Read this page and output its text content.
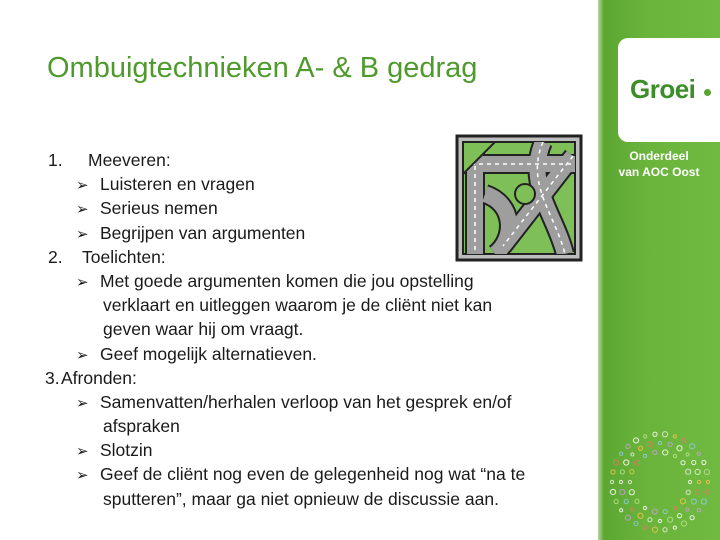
Ombuigtechnieken A- & B gedrag
1. Meeveren:
➢ Luisteren en vragen
➢ Serieus nemen
➢ Begrijpen van argumenten
2. Toelichten:
➢ Met goede argumenten komen die jou opstelling
verklaart en uitleggen waarom je de cliënt niet kan
geven waar hij om vraagt.
➢ Geef mogelijk alternatieven.
3.Afronden:
➢ Samenvatten/herhalen verloop van het gesprek en/of
afspraken
➢ Slotzin
➢ Geef de cliënt nog even de gelegenheid nog wat “na te
sputteren”, maar ga niet opnieuw de discussie aan.
Groei
Onderdeel
van AOC Oost
